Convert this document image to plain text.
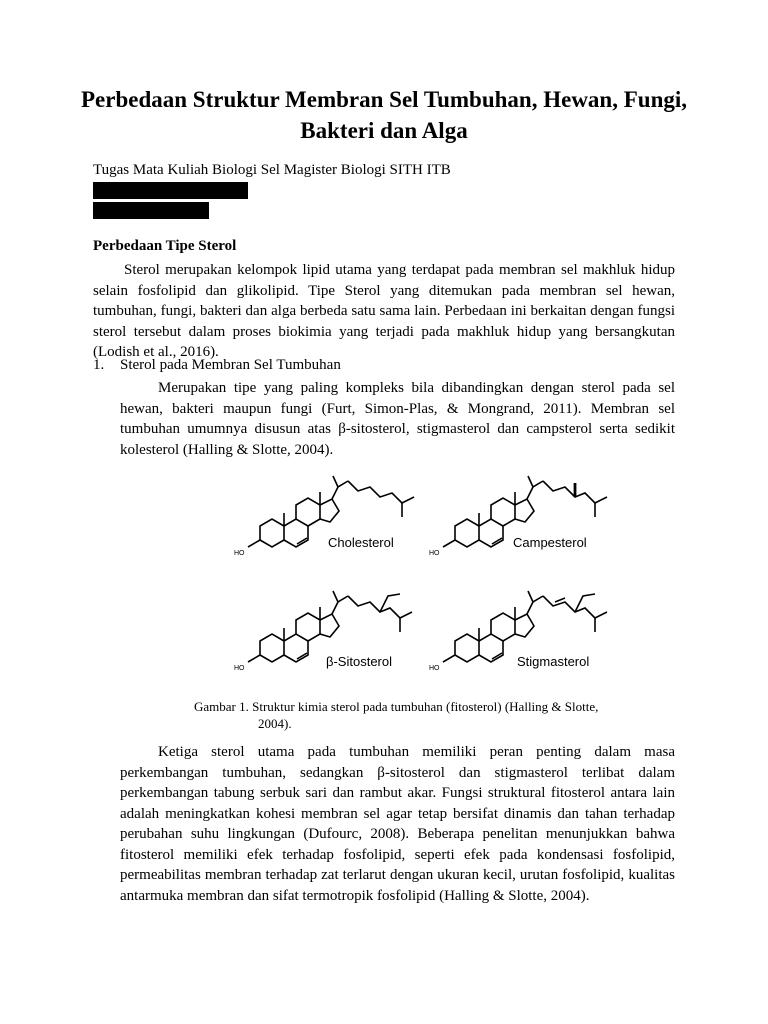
Perbedaan Struktur Membran Sel Tumbuhan, Hewan, Fungi, Bakteri dan Alga
Tugas Mata Kuliah Biologi Sel Magister Biologi SITH ITB
Perbedaan Tipe Sterol
Sterol merupakan kelompok lipid utama yang terdapat pada membran sel makhluk hidup selain fosfolipid dan glikolipid. Tipe Sterol yang ditemukan pada membran sel hewan, tumbuhan, fungi, bakteri dan alga berbeda satu sama lain. Perbedaan ini berkaitan dengan fungsi sterol tersebut dalam proses biokimia yang terjadi pada makhluk hidup yang bersangkutan (Lodish et al., 2016).
1. Sterol pada Membran Sel Tumbuhan
Merupakan tipe yang paling kompleks bila dibandingkan dengan sterol pada sel hewan, bakteri maupun fungi (Furt, Simon-Plas, & Mongrand, 2011). Membran sel tumbuhan umumnya disusun atas β-sitosterol, stigmasterol dan campsterol serta sedikit kolesterol (Halling & Slotte, 2004).
HO
Cholesterol
HO
Campesterol
HO	β-Sitosterol	HO	Stigmasterol
Gambar 1. Struktur kimia sterol pada tumbuhan (fitosterol) (Halling & Slotte,
2004).
Ketiga sterol utama pada tumbuhan memiliki peran penting dalam masa perkembangan tumbuhan, sedangkan β-sitosterol dan stigmasterol terlibat dalam perkembangan tabung serbuk sari dan rambut akar. Fungsi struktural fitosterol antara lain adalah meningkatkan kohesi membran sel agar tetap bersifat dinamis dan tahan terhadap perubahan suhu lingkungan (Dufourc, 2008). Beberapa penelitan menunjukkan bahwa fitosterol memiliki efek terhadap fosfolipid, seperti efek pada kondensasi fosfolipid, permeabilitas membran terhadap zat terlarut dengan ukuran kecil, urutan fosfolipid, kualitas antarmuka membran dan sifat termotropik fosfolipid (Halling & Slotte, 2004).
